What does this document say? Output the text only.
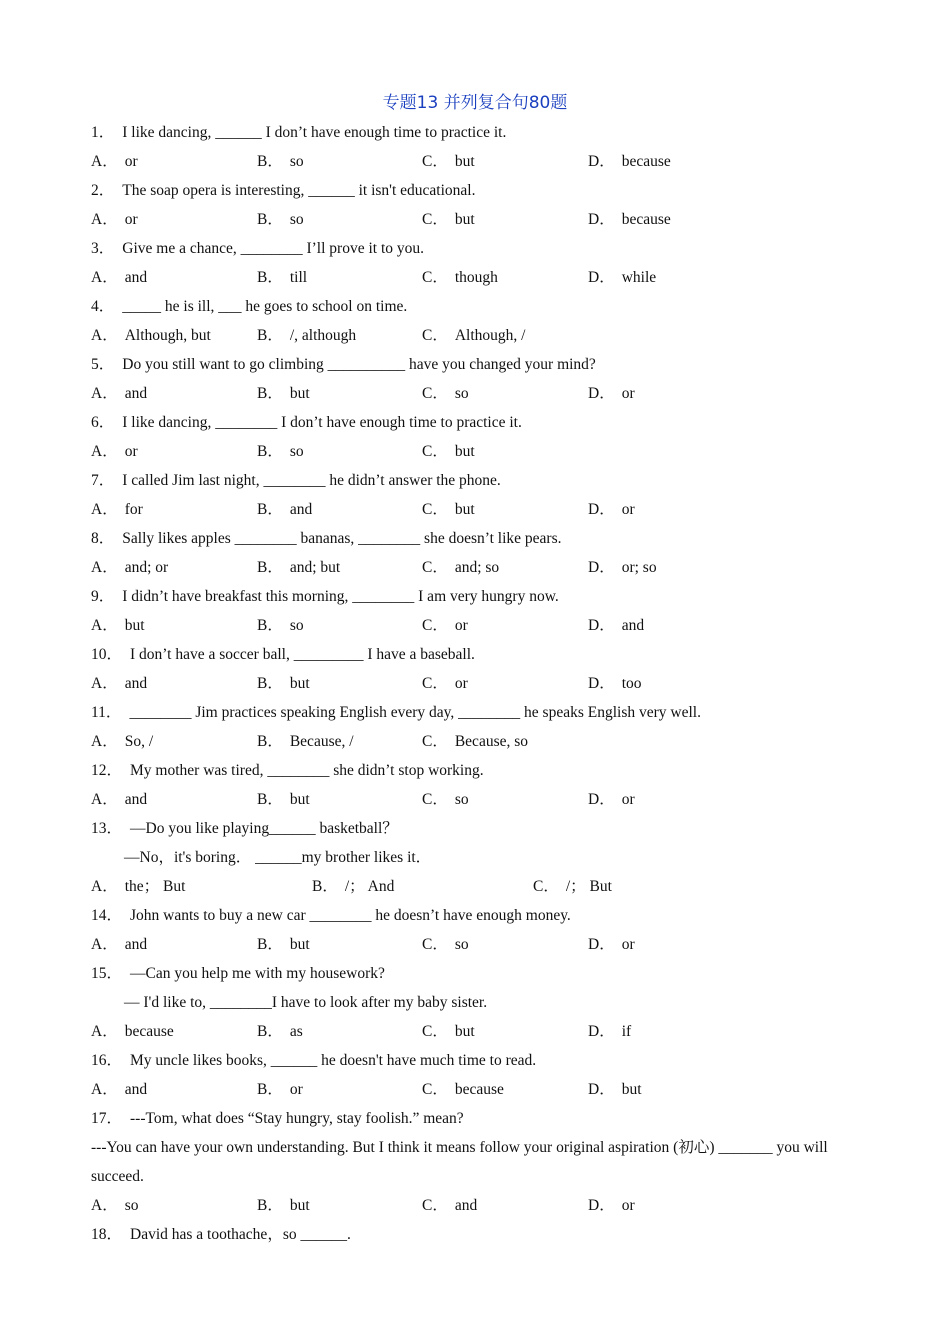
专题13 并列复合句80题
1． I like dancing, ______ I don’t have enough time to practice it.
A． or	B． so	C． but	D． because
2． The soap opera is interesting, ______ it isn't educational.
A． or	B． so	C． but	D． because
3． Give me a chance, ________ I’ll prove it to you.
A． and	B． till	C． though	D． while
4． _____ he is ill, ___ he goes to school on time.
A． Although, but	B． /, although	C． Although, /
5． Do you still want to go climbing __________ have you changed your mind?
A． and	B． but	C． so	D． or
6． I like dancing, ________ I don’t have enough time to practice it.
A． or	B． so	C． but
7． I called Jim last night, ________ he didn’t answer the phone.
A． for	B． and	C． but	D． or
8． Sally likes apples ________ bananas, ________ she doesn’t like pears.
A． and; or	B． and; but	C． and; so	D． or; so
9． I didn’t have breakfast this morning, ________ I am very hungry now.
A． but	B． so	C． or	D． and
10． I don’t have a soccer ball, _________ I have a baseball.
A． and	B． but	C． or	D． too
11． ________ Jim practices speaking English every day, ________ he speaks English very well.
A． So, /	B． Because, /	C． Because, so
12． My mother was tired, ________ she didn’t stop working.
A． and	B． but	C． so	D． or
13． —Do you like playing______ basketball？
—No，it's boring． ______my brother likes it．
A． the； But	B． /； And	C． /； But
14． John wants to buy a new car ________ he doesn’t have enough money.
A． and	B． but	C． so	D． or
15． —Can you help me with my housework?
— I'd like to, ________I have to look after my baby sister.
A． because	B． as	C． but	D． if
16． My uncle likes books, ______ he doesn't have much time to read.
A． and	B． or	C． because	D． but
17． ---Tom, what does “Stay hungry, stay foolish.” mean?
---You can have your own understanding. But I think it means follow your original aspiration (初心) _______ you will succeed.
A． so	B． but	C． and	D． or
18． David has a toothache，so ______.
